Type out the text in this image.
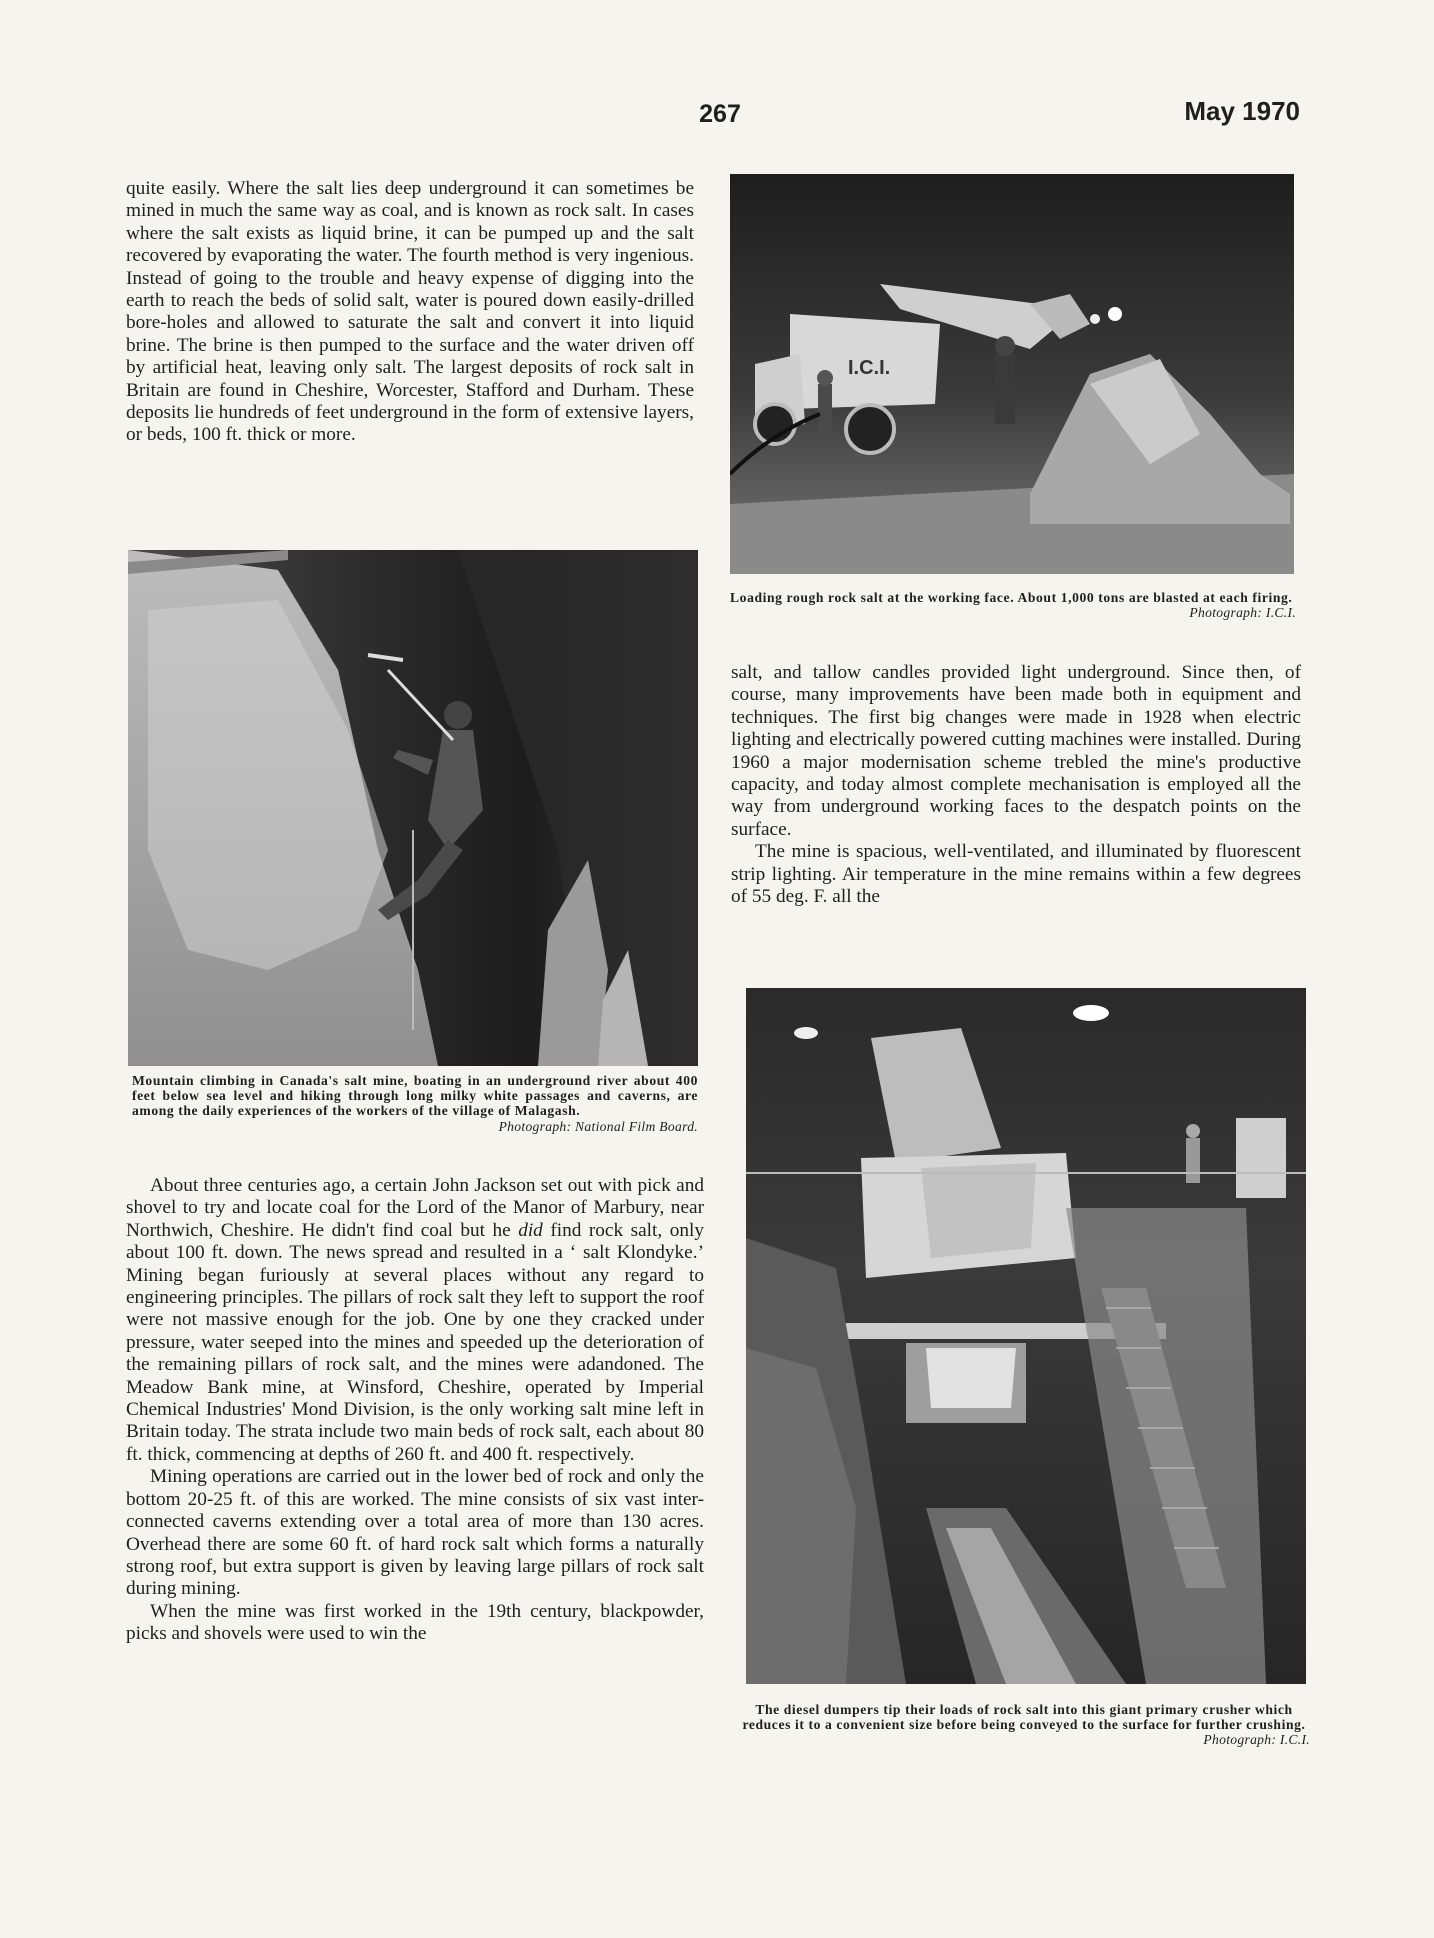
267	May 1970

quite easily. Where the salt lies deep underground it can sometimes be mined in much the same way as coal, and is known as rock salt. In cases where the salt exists as liquid brine, it can be pumped up and the salt recovered by evaporating the water. The fourth method is very ingenious. Instead of going to the trouble and heavy expense of digging into the earth to reach the beds of solid salt, water is poured down easily-drilled bore-holes and allowed to saturate the salt and convert it into liquid brine. The brine is then pumped to the surface and the water driven off by artificial heat, leaving only salt. The largest deposits of rock salt in Britain are found in Cheshire, Worcester, Stafford and Durham. These deposits lie hundreds of feet underground in the form of extensive layers, or beds, 100 ft. thick or more.

Mountain climbing in Canada's salt mine, boating in an underground river about 400 feet below sea level and hiking through long milky white passages and caverns, are among the daily experiences of the workers of the village of Malagash.
Photograph: National Film Board.

About three centuries ago, a certain John Jackson set out with pick and shovel to try and locate coal for the Lord of the Manor of Marbury, near Northwich, Cheshire. He didn't find coal but he did find rock salt, only about 100 ft. down. The news spread and resulted in a ‘ salt Klondyke.’ Mining began furiously at several places without any regard to engineering principles. The pillars of rock salt they left to support the roof were not massive enough for the job. One by one they cracked under pressure, water seeped into the mines and speeded up the deterioration of the remaining pillars of rock salt, and the mines were adandoned. The Meadow Bank mine, at Winsford, Cheshire, operated by Imperial Chemical Industries' Mond Division, is the only working salt mine left in Britain today. The strata include two main beds of rock salt, each about 80 ft. thick, commencing at depths of 260 ft. and 400 ft. respectively.

Mining operations are carried out in the lower bed of rock and only the bottom 20-25 ft. of this are worked. The mine consists of six vast inter-connected caverns extending over a total area of more than 130 acres. Overhead there are some 60 ft. of hard rock salt which forms a naturally strong roof, but extra support is given by leaving large pillars of rock salt during mining.

When the mine was first worked in the 19th century, blackpowder, picks and shovels were used to win the

I.C.I.
Loading rough rock salt at the working face. About 1,000 tons are blasted at each firing.
Photograph: I.C.I.

salt, and tallow candles provided light underground. Since then, of course, many improvements have been made both in equipment and techniques. The first big changes were made in 1928 when electric lighting and electrically powered cutting machines were installed. During 1960 a major modernisation scheme trebled the mine's productive capacity, and today almost complete mechanisation is employed all the way from underground working faces to the despatch points on the surface.

The mine is spacious, well-ventilated, and illuminated by fluorescent strip lighting. Air temperature in the mine remains within a few degrees of 55 deg. F. all the

The diesel dumpers tip their loads of rock salt into this giant primary crusher which reduces it to a convenient size before being conveyed to the surface for further crushing.
Photograph: I.C.I.
